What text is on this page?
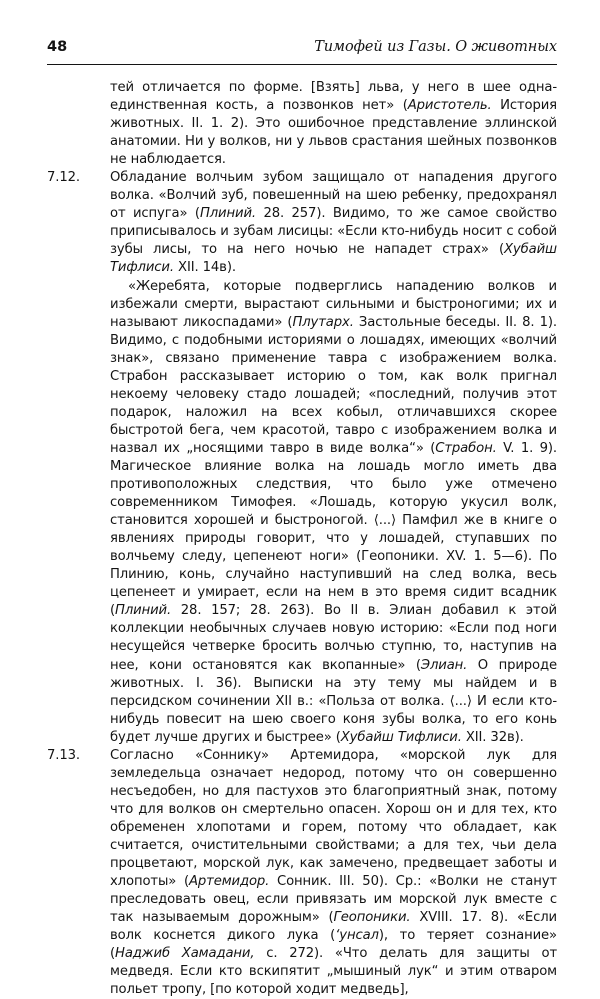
48	Тимофей из Газы. О животных

тей отличается по форме. [Взять] льва, у него в шее одна-единственная кость, а позвонков нет» (Аристотель. История животных. II. 1. 2). Это ошибочное представление эллинской анатомии. Ни у волков, ни у львов срастания шейных позвонков не наблюдается.

7.12. Обладание волчьим зубом защищало от нападения другого волка. «Волчий зуб, повешенный на шею ребенку, предохранял от испуга» (Плиний. 28. 257). Видимо, то же самое свойство приписывалось и зубам лисицы: «Если кто-нибудь носит с собой зубы лисы, то на него ночью не нападет страх» (Хубайш Тифлиси. XII. 14в).

«Жеребята, которые подверглись нападению волков и избежали смерти, вырастают сильными и быстроногими; их и называют ликоспадами» (Плутарх. Застольные беседы. II. 8. 1). Видимо, с подобными историями о лошадях, имеющих «волчий знак», связано применение тавра с изображением волка. Страбон рассказывает историю о том, как волк пригнал некоему человеку стадо лошадей; «последний, получив этот подарок, наложил на всех кобыл, отличавшихся скорее быстротой бега, чем красотой, тавро с изображением волка и назвал их „носящими тавро в виде волка“» (Страбон. V. 1. 9). Магическое влияние волка на лошадь могло иметь два противоположных следствия, что было уже отмечено современником Тимофея. «Лошадь, которую укусил волк, становится хорошей и быстроногой. ⟨...⟩ Памфил же в книге о явлениях природы говорит, что у лошадей, ступавших по волчьему следу, цепенеют ноги» (Геопоники. XV. 1. 5—6). По Плинию, конь, случайно наступивший на след волка, весь цепенеет и умирает, если на нем в это время сидит всадник (Плиний. 28. 157; 28. 263). Во II в. Элиан добавил к этой коллекции необычных случаев новую историю: «Если под ноги несущейся четверке бросить волчью ступню, то, наступив на нее, кони остановятся как вкопанные» (Элиан. О природе животных. I. 36). Выписки на эту тему мы найдем и в персидском сочинении XII в.: «Польза от волка. ⟨...⟩ И если кто-нибудь повесит на шею своего коня зубы волка, то его конь будет лучше других и быстрее» (Хубайш Тифлиси. XII. 32в).

7.13. Согласно «Соннику» Артемидора, «морской лук для земледельца означает недород, потому что он совершенно несъедобен, но для пастухов это благоприятный знак, потому что для волков он смертельно опасен. Хорош он и для тех, кто обременен хлопотами и горем, потому что обладает, как считается, очистительными свойствами; а для тех, чьи дела процветают, морской лук, как замечено, предвещает заботы и хлопоты» (Артемидор. Сонник. III. 50). Ср.: «Волки не станут преследовать овец, если привязать им морской лук вместе с так называемым дорожным» (Геопоники. XVIII. 17. 8). «Если волк коснется дикого лука (‘унсал), то теряет сознание» (Наджиб Хамадани, с. 272). «Что делать для защиты от медведя. Если кто вскипятит „мышиный лук“ и этим отваром польет тропу, [по которой ходит медведь],
